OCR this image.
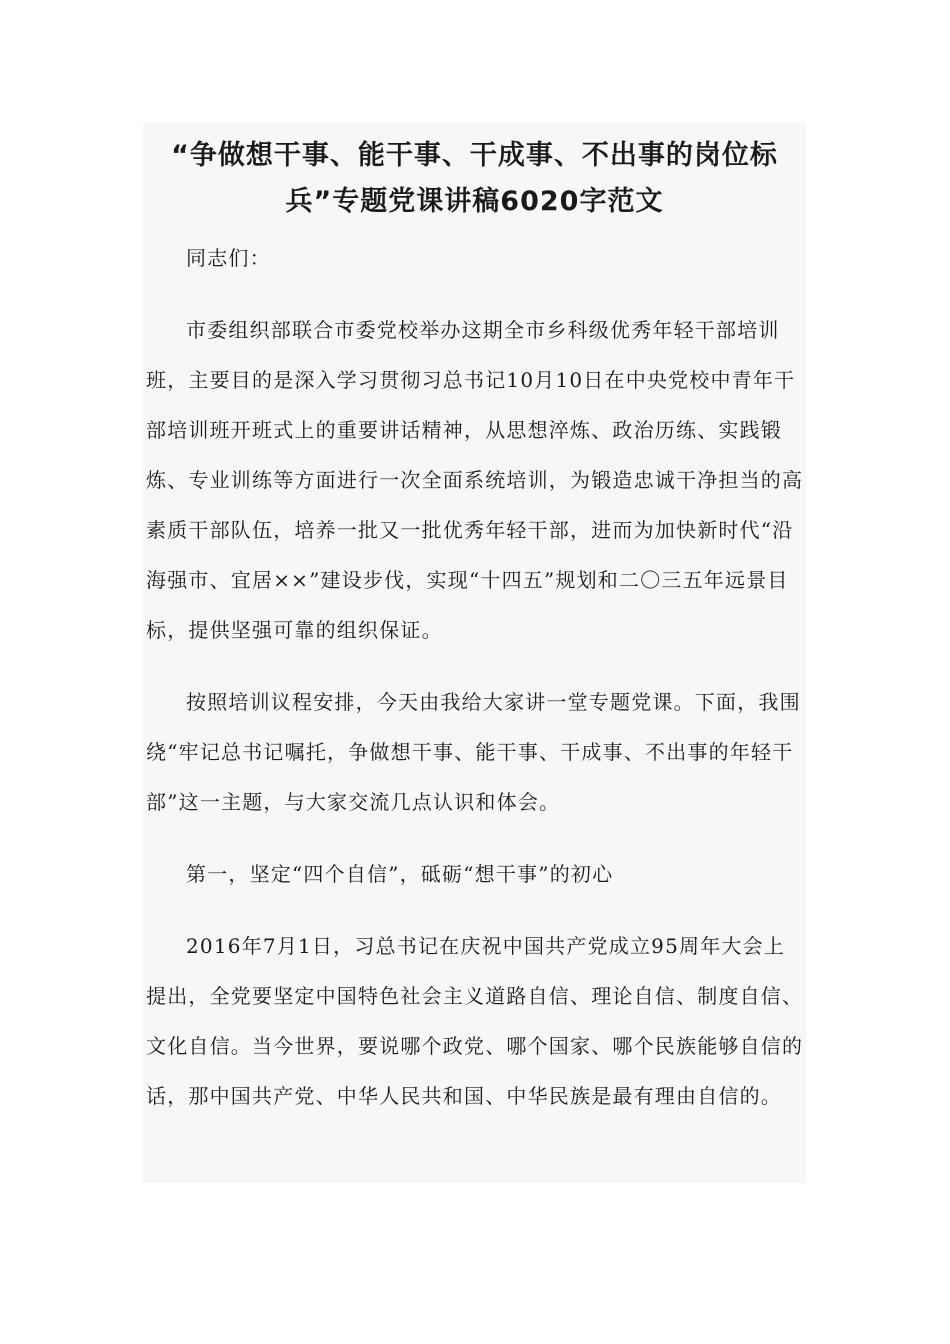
“争做想干事、能干事、干成事、不出事的岗位标
兵”专题党课讲稿6020字范文

同志们：

市委组织部联合市委党校举办这期全市乡科级优秀年轻干部培训班，主要目的是深入学习贯彻习总书记10月10日在中央党校中青年干部培训班开班式上的重要讲话精神，从思想淬炼、政治历练、实践锻炼、专业训练等方面进行一次全面系统培训，为锻造忠诚干净担当的高素质干部队伍，培养一批又一批优秀年轻干部，进而为加快新时代“沿海强市、宜居××”建设步伐，实现“十四五”规划和二〇三五年远景目标，提供坚强可靠的组织保证。

按照培训议程安排，今天由我给大家讲一堂专题党课。下面，我围绕“牢记总书记嘱托，争做想干事、能干事、干成事、不出事的年轻干部”这一主题，与大家交流几点认识和体会。

第一，坚定“四个自信”，砥砺“想干事”的初心

2016年7月1日，习总书记在庆祝中国共产党成立95周年大会上提出，全党要坚定中国特色社会主义道路自信、理论自信、制度自信、文化自信。当今世界，要说哪个政党、哪个国家、哪个民族能够自信的话，那中国共产党、中华人民共和国、中华民族是最有理由自信的。
